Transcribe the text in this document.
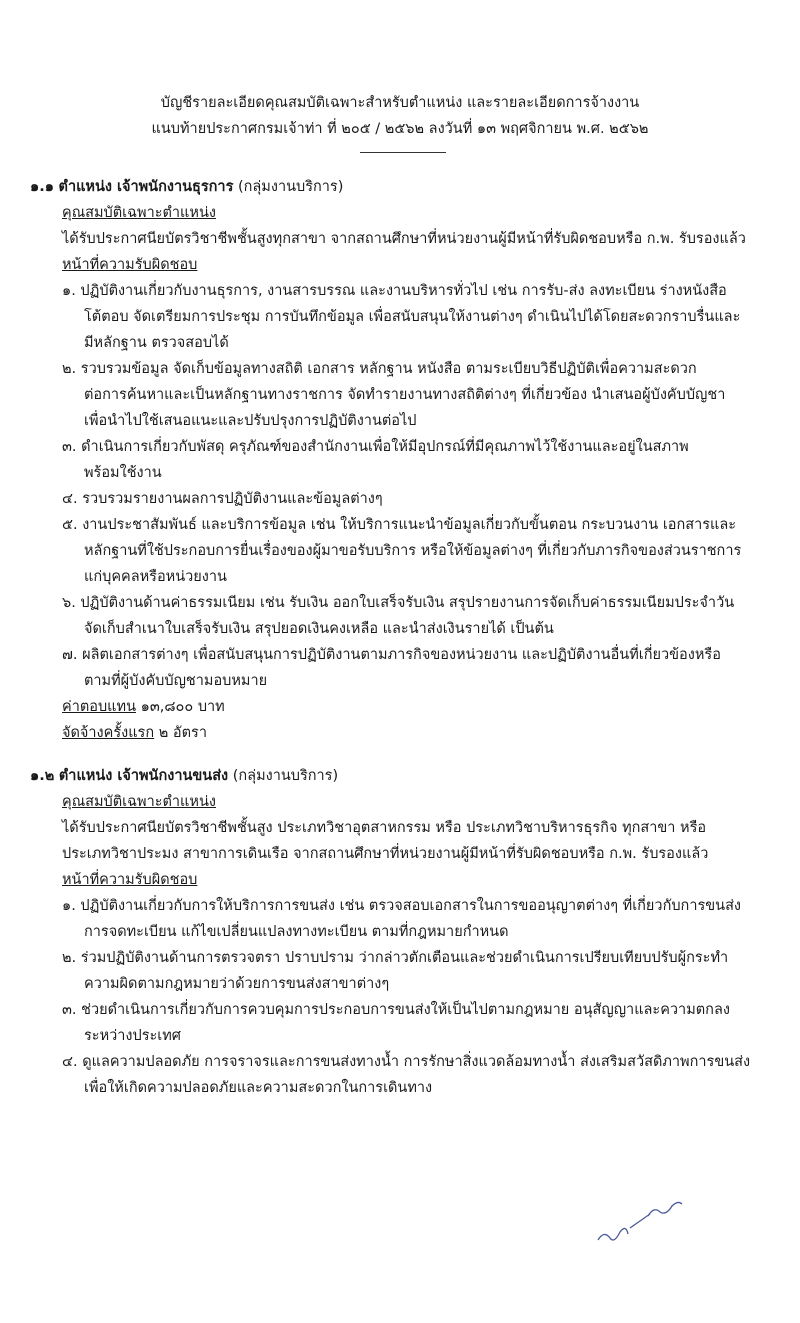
บัญชีรายละเอียดคุณสมบัติเฉพาะสำหรับตำแหน่ง และรายละเอียดการจ้างงาน
แนบท้ายประกาศกรมเจ้าท่า ที่ ๒๐๕ / ๒๕๖๒ ลงวันที่ ๑๓ พฤศจิกายน พ.ศ. ๒๕๖๒
๑.๑ ตำแหน่ง เจ้าพนักงานธุรการ (กลุ่มงานบริการ)
คุณสมบัติเฉพาะตำแหน่ง
ได้รับประกาศนียบัตรวิชาชีพชั้นสูงทุกสาขา จากสถานศึกษาที่หน่วยงานผู้มีหน้าที่รับผิดชอบหรือ ก.พ. รับรองแล้ว
หน้าที่ความรับผิดชอบ
๑. ปฏิบัติงานเกี่ยวกับงานธุรการ, งานสารบรรณ และงานบริหารทั่วไป เช่น การรับ-ส่ง ลงทะเบียน ร่างหนังสือ
โต้ตอบ จัดเตรียมการประชุม การบันทึกข้อมูล เพื่อสนับสนุนให้งานต่างๆ ดำเนินไปได้โดยสะดวกราบรื่นและ
มีหลักฐาน ตรวจสอบได้
๒. รวบรวมข้อมูล จัดเก็บข้อมูลทางสถิติ เอกสาร หลักฐาน หนังสือ ตามระเบียบวิธีปฏิบัติเพื่อความสะดวก
ต่อการค้นหาและเป็นหลักฐานทางราชการ จัดทำรายงานทางสถิติต่างๆ ที่เกี่ยวข้อง นำเสนอผู้บังคับบัญชา
เพื่อนำไปใช้เสนอแนะและปรับปรุงการปฏิบัติงานต่อไป
๓. ดำเนินการเกี่ยวกับพัสดุ ครุภัณฑ์ของสำนักงานเพื่อให้มีอุปกรณ์ที่มีคุณภาพไว้ใช้งานและอยู่ในสภาพ
พร้อมใช้งาน
๔. รวบรวมรายงานผลการปฏิบัติงานและข้อมูลต่างๆ
๕. งานประชาสัมพันธ์ และบริการข้อมูล เช่น ให้บริการแนะนำข้อมูลเกี่ยวกับขั้นตอน กระบวนงาน เอกสารและ
หลักฐานที่ใช้ประกอบการยื่นเรื่องของผู้มาขอรับบริการ หรือให้ข้อมูลต่างๆ ที่เกี่ยวกับภารกิจของส่วนราชการ
แก่บุคคลหรือหน่วยงาน
๖. ปฏิบัติงานด้านค่าธรรมเนียม เช่น รับเงิน ออกใบเสร็จรับเงิน สรุปรายงานการจัดเก็บค่าธรรมเนียมประจำวัน
จัดเก็บสำเนาใบเสร็จรับเงิน สรุปยอดเงินคงเหลือ และนำส่งเงินรายได้ เป็นต้น
๗. ผลิตเอกสารต่างๆ เพื่อสนับสนุนการปฏิบัติงานตามภารกิจของหน่วยงาน และปฏิบัติงานอื่นที่เกี่ยวข้องหรือ
ตามที่ผู้บังคับบัญชามอบหมาย
ค่าตอบแทน ๑๓,๘๐๐ บาท
จัดจ้างครั้งแรก ๒ อัตรา
๑.๒ ตำแหน่ง เจ้าพนักงานขนส่ง (กลุ่มงานบริการ)
คุณสมบัติเฉพาะตำแหน่ง
ได้รับประกาศนียบัตรวิชาชีพชั้นสูง ประเภทวิชาอุตสาหกรรม หรือ ประเภทวิชาบริหารธุรกิจ ทุกสาขา หรือ
ประเภทวิชาประมง สาขาการเดินเรือ จากสถานศึกษาที่หน่วยงานผู้มีหน้าที่รับผิดชอบหรือ ก.พ. รับรองแล้ว
หน้าที่ความรับผิดชอบ
๑. ปฏิบัติงานเกี่ยวกับการให้บริการการขนส่ง เช่น ตรวจสอบเอกสารในการขออนุญาตต่างๆ ที่เกี่ยวกับการขนส่ง
การจดทะเบียน แก้ไขเปลี่ยนแปลงทางทะเบียน ตามที่กฎหมายกำหนด
๒. ร่วมปฏิบัติงานด้านการตรวจตรา ปราบปราม ว่ากล่าวตักเตือนและช่วยดำเนินการเปรียบเทียบปรับผู้กระทำ
ความผิดตามกฎหมายว่าด้วยการขนส่งสาขาต่างๆ
๓. ช่วยดำเนินการเกี่ยวกับการควบคุมการประกอบการขนส่งให้เป็นไปตามกฎหมาย อนุสัญญาและความตกลง
ระหว่างประเทศ
๔. ดูแลความปลอดภัย การจราจรและการขนส่งทางน้ำ การรักษาสิ่งแวดล้อมทางน้ำ ส่งเสริมสวัสดิภาพการขนส่ง
เพื่อให้เกิดความปลอดภัยและความสะดวกในการเดินทาง
